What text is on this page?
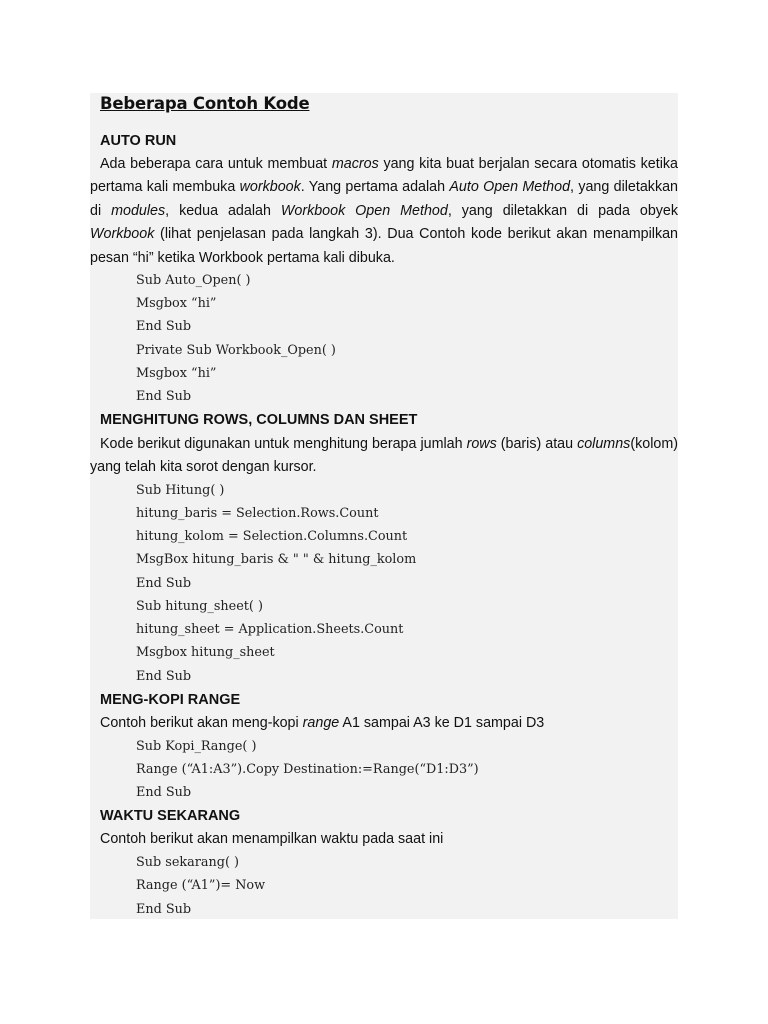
Beberapa Contoh Kode
AUTO RUN
Ada beberapa cara untuk membuat macros yang kita buat berjalan secara otomatis ketika pertama kali membuka workbook. Yang pertama adalah Auto Open Method, yang diletakkan di modules, kedua adalah Workbook Open Method, yang diletakkan di pada obyek Workbook (lihat penjelasan pada langkah 3). Dua Contoh kode berikut akan menampilkan pesan “hi” ketika Workbook pertama kali dibuka.
Sub Auto_Open( )
Msgbox “hi”
End Sub
Private Sub Workbook_Open( )
Msgbox “hi”
End Sub
MENGHITUNG ROWS, COLUMNS DAN SHEET
Kode berikut digunakan untuk menghitung berapa jumlah rows (baris) atau columns(kolom) yang telah kita sorot dengan kursor.
Sub Hitung( )
hitung_baris = Selection.Rows.Count
hitung_kolom = Selection.Columns.Count
MsgBox hitung_baris & " " & hitung_kolom
End Sub
Sub hitung_sheet( )
hitung_sheet = Application.Sheets.Count
Msgbox hitung_sheet
End Sub
MENG-KOPI RANGE
Contoh berikut akan meng-kopi range A1 sampai A3 ke D1 sampai D3
Sub Kopi_Range( )
Range (“A1:A3”).Copy Destination:=Range(“D1:D3”)
End Sub
WAKTU SEKARANG
Contoh berikut akan menampilkan waktu pada saat ini
Sub sekarang( )
Range (“A1”)= Now
End Sub
